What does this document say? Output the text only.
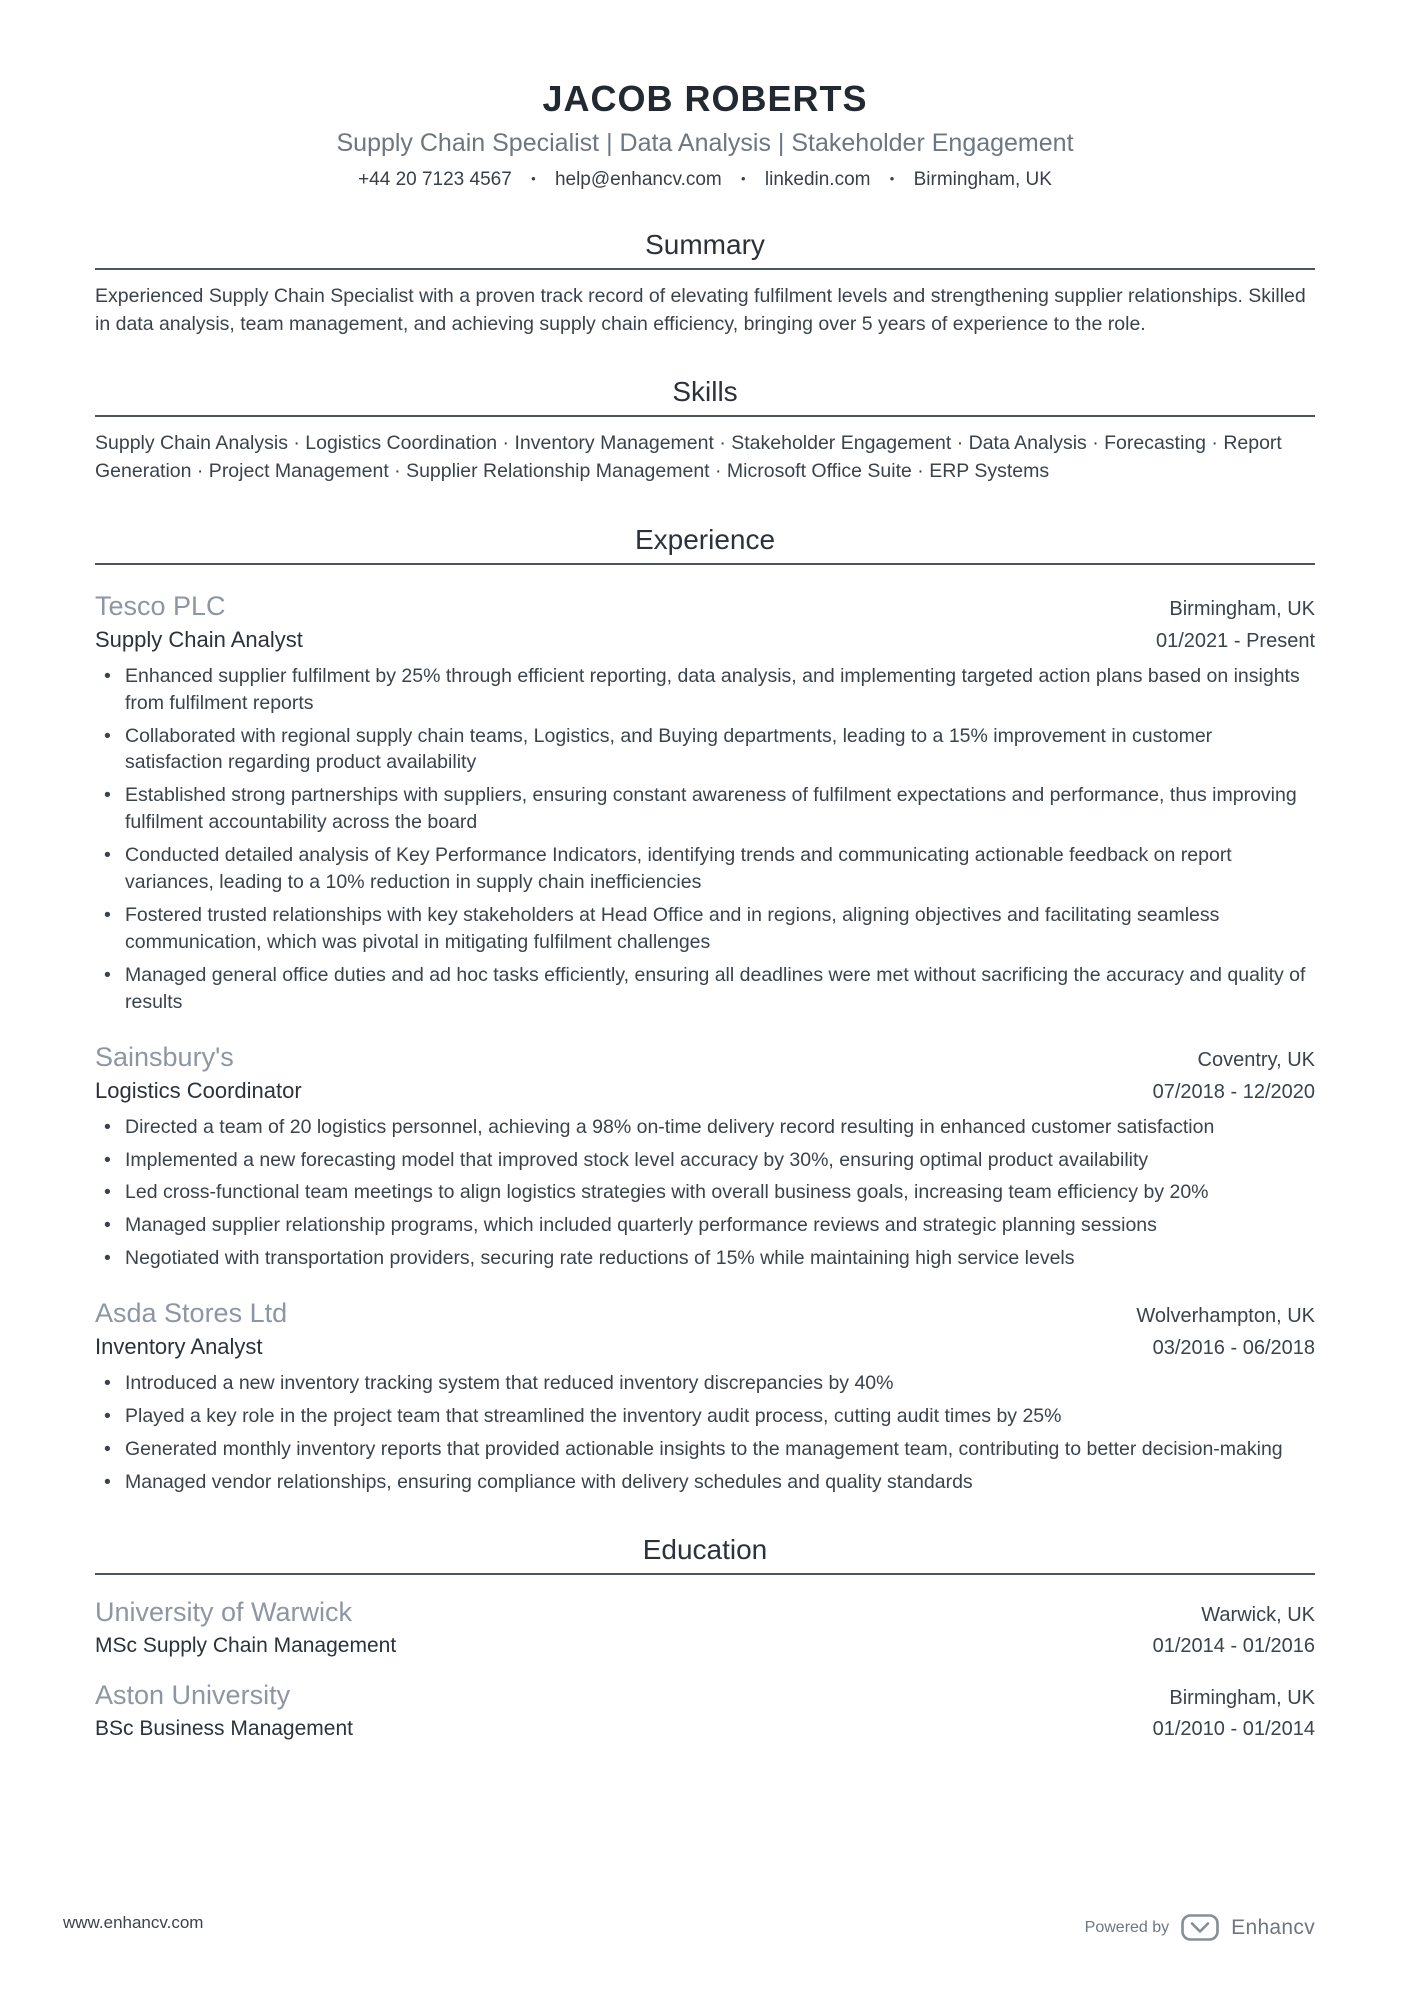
JACOB ROBERTS
Supply Chain Specialist | Data Analysis | Stakeholder Engagement
+44 20 7123 4567 • help@enhancv.com • linkedin.com • Birmingham, UK
Summary

Experienced Supply Chain Specialist with a proven track record of elevating fulfilment levels and strengthening supplier relationships. Skilled in data analysis, team management, and achieving supply chain efficiency, bringing over 5 years of experience to the role.

Skills

Supply Chain Analysis · Logistics Coordination · Inventory Management · Stakeholder Engagement · Data Analysis · Forecasting · Report Generation · Project Management · Supplier Relationship Management · Microsoft Office Suite · ERP Systems

Experience
Tesco PLC	Birmingham, UK
Supply Chain Analyst	01/2021 - Present
• Enhanced supplier fulfilment by 25% through efficient reporting, data analysis, and implementing targeted action plans based on insights from fulfilment reports
• Collaborated with regional supply chain teams, Logistics, and Buying departments, leading to a 15% improvement in customer satisfaction regarding product availability
• Established strong partnerships with suppliers, ensuring constant awareness of fulfilment expectations and performance, thus improving fulfilment accountability across the board
• Conducted detailed analysis of Key Performance Indicators, identifying trends and communicating actionable feedback on report variances, leading to a 10% reduction in supply chain inefficiencies
• Fostered trusted relationships with key stakeholders at Head Office and in regions, aligning objectives and facilitating seamless communication, which was pivotal in mitigating fulfilment challenges
• Managed general office duties and ad hoc tasks efficiently, ensuring all deadlines were met without sacrificing the accuracy and quality of results
Sainsbury's	Coventry, UK
Logistics Coordinator	07/2018 - 12/2020
• Directed a team of 20 logistics personnel, achieving a 98% on-time delivery record resulting in enhanced customer satisfaction
• Implemented a new forecasting model that improved stock level accuracy by 30%, ensuring optimal product availability
• Led cross-functional team meetings to align logistics strategies with overall business goals, increasing team efficiency by 20%
• Managed supplier relationship programs, which included quarterly performance reviews and strategic planning sessions
• Negotiated with transportation providers, securing rate reductions of 15% while maintaining high service levels
Asda Stores Ltd	Wolverhampton, UK
Inventory Analyst	03/2016 - 06/2018
• Introduced a new inventory tracking system that reduced inventory discrepancies by 40%
• Played a key role in the project team that streamlined the inventory audit process, cutting audit times by 25%
• Generated monthly inventory reports that provided actionable insights to the management team, contributing to better decision-making
• Managed vendor relationships, ensuring compliance with delivery schedules and quality standards
Education
University of Warwick	Warwick, UK
MSc Supply Chain Management	01/2014 - 01/2016
Aston University	Birmingham, UK
BSc Business Management	01/2010 - 01/2014
www.enhancv.com	Powered by	Enhancv
